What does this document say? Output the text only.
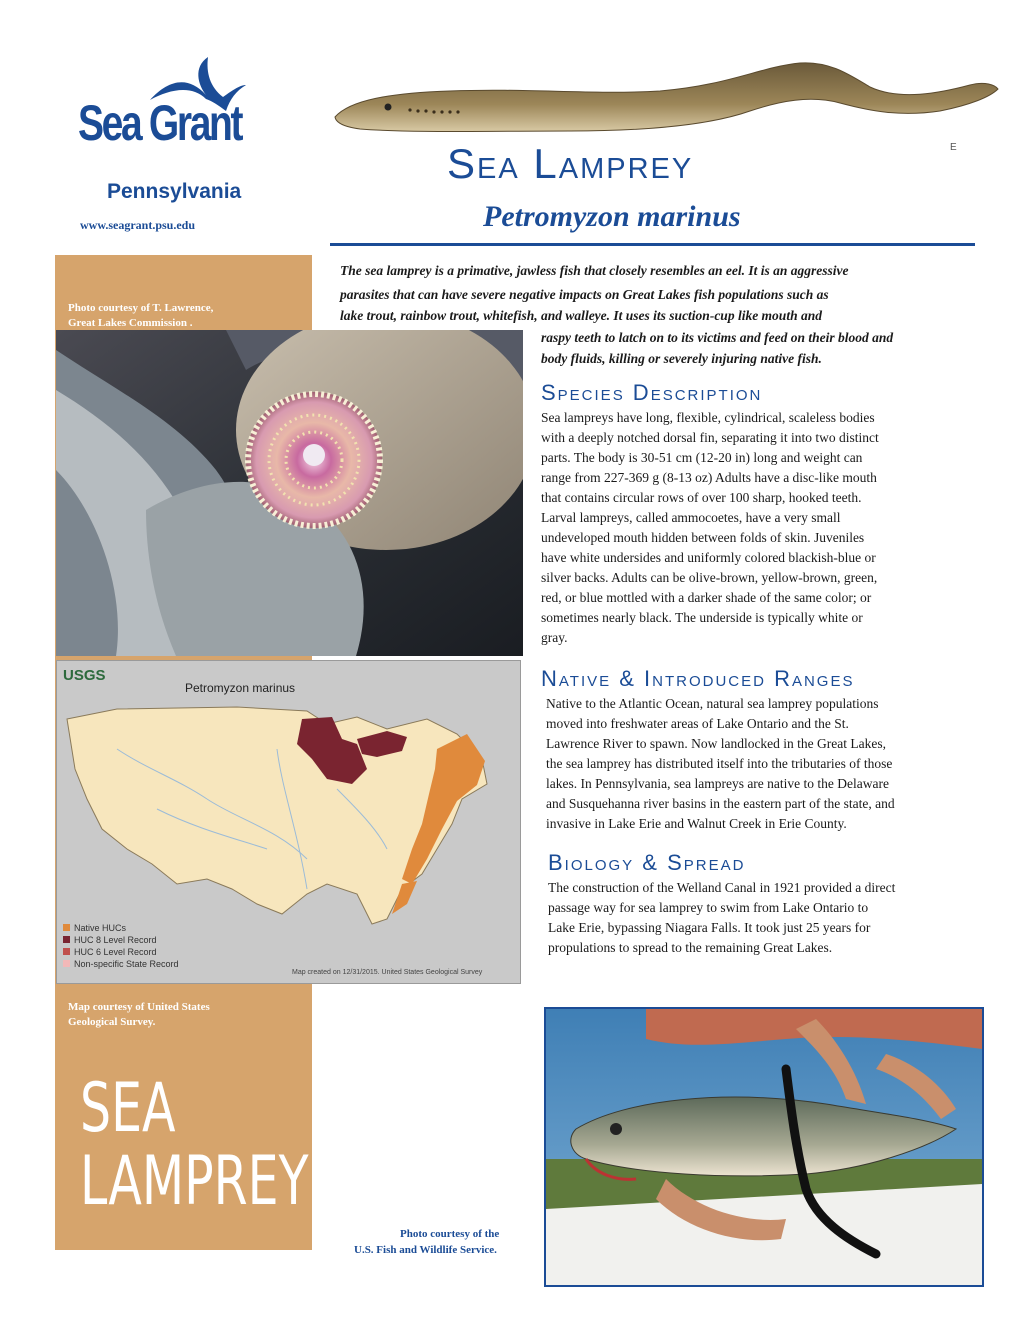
Sea Grant
Pennsylvania
www.seagrant.psu.edu
E
Sea Lamprey
Petromyzon marinus
The sea lamprey is a primative, jawless fish that closely resembles an eel. It is an aggressive
parasites that can have severe negative impacts on Great Lakes fish populations such as
lake trout, rainbow trout, whitefish, and walleye. It uses its suction-cup like mouth and
raspy teeth to latch on to its victims and feed on their blood and
body fluids, killing or severely injuring native fish.
Photo courtesy of T. Lawrence,
Great Lakes Commission .
USGS
Petromyzon marinus
Native HUCs
HUC 8 Level Record
HUC 6 Level Record
Non-specific State Record
Map created on 12/31/2015. United States Geological Survey
Map courtesy of United States
Geological Survey.
SEA
LAMPREY
Photo courtesy of the
U.S. Fish and Wildlife Service.
Species Description
Sea lampreys have long, flexible, cylindrical, scaleless bodies
with a deeply notched dorsal fin, separating it into two distinct
parts. The body is 30-51 cm (12-20 in) long and weight can
range from 227-369 g (8-13 oz) Adults have a disc-like mouth
that contains circular rows of over 100 sharp, hooked teeth.
Larval lampreys, called ammocoetes, have a very small
undeveloped mouth hidden between folds of skin. Juveniles
have white undersides and uniformly colored blackish-blue or
silver backs. Adults can be olive-brown, yellow-brown, green,
red, or blue mottled with a darker shade of the same color; or
sometimes nearly black. The underside is typically white or
gray.
Native & Introduced Ranges
Native to the Atlantic Ocean, natural sea lamprey populations
moved into freshwater areas of Lake Ontario and the St.
Lawrence River to spawn. Now landlocked in the Great Lakes,
the sea lamprey has distributed itself into the tributaries of those
lakes. In Pennsylvania, sea lampreys are native to the Delaware
and Susquehanna river basins in the eastern part of the state, and
invasive in Lake Erie and Walnut Creek in Erie County.
Biology & Spread
The construction of the Welland Canal in 1921 provided a direct
passage way for sea lamprey to swim from Lake Ontario to
Lake Erie, bypassing Niagara Falls. It took just 25 years for
propulations to spread to the remaining Great Lakes.
